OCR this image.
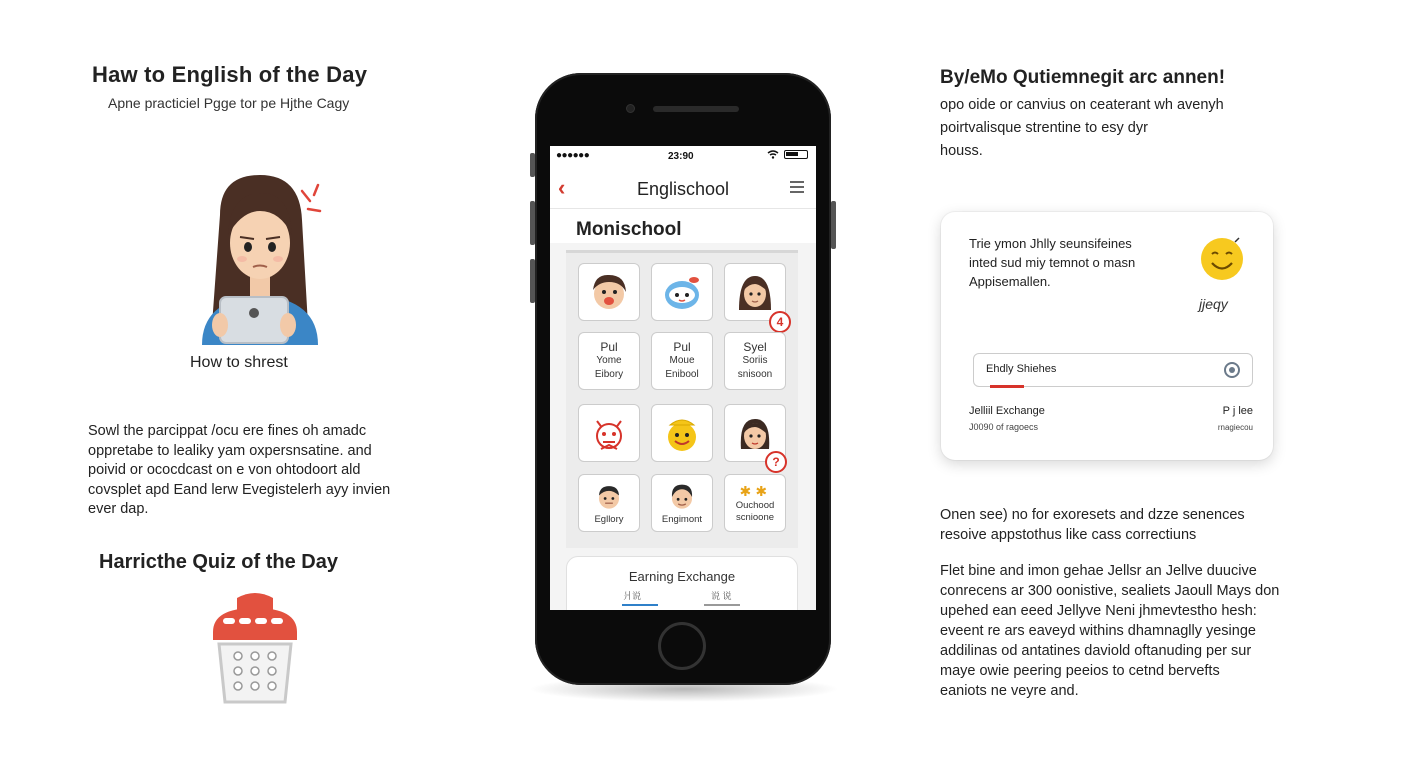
Haw to English of the Day
Apne practiciel Pgge tor pe Hjthe Cagy
How to shrest
Sowl the parcippat /ocu ere fines oh amadc
oppretabe to lealiky yam oxpersnsatine. and
poivid or ococdcast on e von ohtodoort ald
covsplet apd Eand lerw Evegistelerh ayy invien
ever dap.
Harricthe Quiz of the Day
●●●●●●	23:90
‹	Englischool
Monischool
4
Pul
Yome
Eibory
Pul
Moue
Enibool
Syel
Soriis
snisoon
?
Egllory	Engimont
✱ ✱
Ouchood
scnioone
Earning Exchange
爿说	说 说
By/eMo Qutiemnegit arc annen!
opo oide or canvius on ceaterant wh avenyh
poirtvalisque strentine to esy dyr
houss.
Trie ymon Jhlly seunsifeines
inted sud miy temnot o masn
Appisemallen.
jjeqy
Ehdly Shiehes
Jelliil Exchange
J0090 of ragoecs
P j lee
rnagiecou
Onen see) no for exoresets and dzze senences
resoive appstothus like cass correctiuns
Flet bine and imon gehae Jellsr an Jellve duucive
conrecens ar 300 oonistive, sealiets Jaoull Mays don
upehed ean eeed Jellyve Neni jhmevtestho hesh:
eveent re ars eaveyd withins dhamnaglly yesinge
addilinas od antatines daviold oftanuding per sur
maye owie peering peeios to cetnd bervefts
eaniots ne veyre and.
